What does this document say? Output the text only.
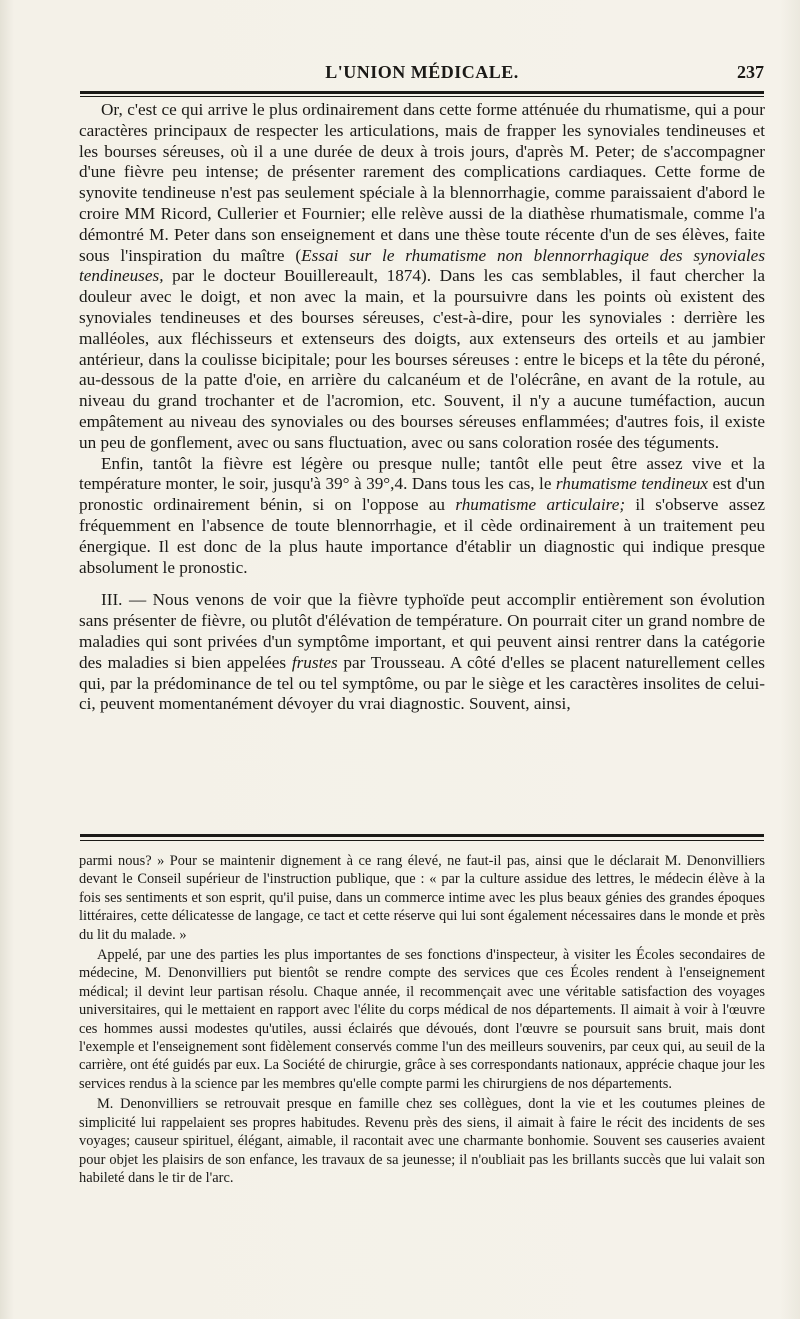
L'UNION MÉDICALE.	237

Or, c'est ce qui arrive le plus ordinairement dans cette forme atténuée du rhumatisme, qui a pour caractères principaux de respecter les articulations, mais de frapper les synoviales tendineuses et les bourses séreuses, où il a une durée de deux à trois jours, d'après M. Peter; de s'accompagner d'une fièvre peu intense; de présenter rarement des complications cardiaques. Cette forme de synovite tendineuse n'est pas seulement spéciale à la blennorrhagie, comme paraissaient d'abord le croire MM Ricord, Cullerier et Fournier; elle relève aussi de la diathèse rhumatismale, comme l'a démontré M. Peter dans son enseignement et dans une thèse toute récente d'un de ses élèves, faite sous l'inspiration du maître (Essai sur le rhumatisme non blennorrhagique des synoviales tendineuses, par le docteur Bouillereault, 1874). Dans les cas semblables, il faut chercher la douleur avec le doigt, et non avec la main, et la poursuivre dans les points où existent des synoviales tendineuses et des bourses séreuses, c'est-à-dire, pour les synoviales : derrière les malléoles, aux fléchisseurs et extenseurs des doigts, aux extenseurs des orteils et au jambier antérieur, dans la coulisse bicipitale; pour les bourses séreuses : entre le biceps et la tête du péroné, au-dessous de la patte d'oie, en arrière du calcanéum et de l'olécrâne, en avant de la rotule, au niveau du grand trochanter et de l'acromion, etc. Souvent, il n'y a aucune tuméfaction, aucun empâtement au niveau des synoviales ou des bourses séreuses enflammées; d'autres fois, il existe un peu de gonflement, avec ou sans fluctuation, avec ou sans coloration rosée des téguments.

Enfin, tantôt la fièvre est légère ou presque nulle; tantôt elle peut être assez vive et la température monter, le soir, jusqu'à 39° à 39°,4. Dans tous les cas, le rhumatisme tendineux est d'un pronostic ordinairement bénin, si on l'oppose au rhumatisme articulaire; il s'observe assez fréquemment en l'absence de toute blennorrhagie, et il cède ordinairement à un traitement peu énergique. Il est donc de la plus haute importance d'établir un diagnostic qui indique presque absolument le pronostic.

III. — Nous venons de voir que la fièvre typhoïde peut accomplir entièrement son évolution sans présenter de fièvre, ou plutôt d'élévation de température. On pourrait citer un grand nombre de maladies qui sont privées d'un symptôme important, et qui peuvent ainsi rentrer dans la catégorie des maladies si bien appelées frustes par Trousseau. A côté d'elles se placent naturellement celles qui, par la prédominance de tel ou tel symptôme, ou par le siège et les caractères insolites de celui-ci, peuvent momentanément dévoyer du vrai diagnostic. Souvent, ainsi,

parmi nous? » Pour se maintenir dignement à ce rang élevé, ne faut-il pas, ainsi que le déclarait M. Denonvilliers devant le Conseil supérieur de l'instruction publique, que : « par la culture assidue des lettres, le médecin élève à la fois ses sentiments et son esprit, qu'il puise, dans un commerce intime avec les plus beaux génies des grandes époques littéraires, cette délicatesse de langage, ce tact et cette réserve qui lui sont également nécessaires dans le monde et près du lit du malade. »

Appelé, par une des parties les plus importantes de ses fonctions d'inspecteur, à visiter les Écoles secondaires de médecine, M. Denonvilliers put bientôt se rendre compte des services que ces Écoles rendent à l'enseignement médical; il devint leur partisan résolu. Chaque année, il recommençait avec une véritable satisfaction des voyages universitaires, qui le mettaient en rapport avec l'élite du corps médical de nos départements. Il aimait à voir à l'œuvre ces hommes aussi modestes qu'utiles, aussi éclairés que dévoués, dont l'œuvre se poursuit sans bruit, mais dont l'exemple et l'enseignement sont fidèlement conservés comme l'un des meilleurs souvenirs, par ceux qui, au seuil de la carrière, ont été guidés par eux. La Société de chirurgie, grâce à ses correspondants nationaux, apprécie chaque jour les services rendus à la science par les membres qu'elle compte parmi les chirurgiens de nos départements.

M. Denonvilliers se retrouvait presque en famille chez ses collègues, dont la vie et les coutumes pleines de simplicité lui rappelaient ses propres habitudes. Revenu près des siens, il aimait à faire le récit des incidents de ses voyages; causeur spirituel, élégant, aimable, il racontait avec une charmante bonhomie. Souvent ses causeries avaient pour objet les plaisirs de son enfance, les travaux de sa jeunesse; il n'oubliait pas les brillants succès que lui valait son habileté dans le tir de l'arc.
